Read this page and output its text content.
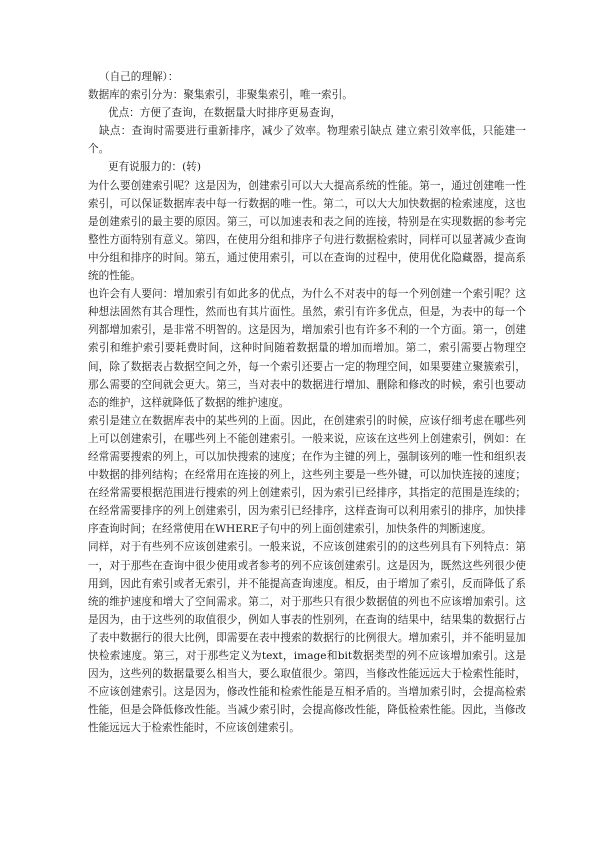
（自己的理解）：

数据库的索引分为：聚集索引，非聚集索引，唯一索引。

优点：方便了查询，在数据量大时排序更易查询，

缺点：查询时需要进行重新排序，减少了效率。物理索引缺点 建立索引效率低，只能建一个。

更有说服力的：(转)

为什么要创建索引呢？这是因为，创建索引可以大大提高系统的性能。第一，通过创建唯一性索引，可以保证数据库表中每一行数据的唯一性。第二，可以大大加快数据的检索速度，这也是创建索引的最主要的原因。第三，可以加速表和表之间的连接，特别是在实现数据的参考完整性方面特别有意义。第四，在使用分组和排序子句进行数据检索时，同样可以显著减少查询中分组和排序的时间。第五，通过使用索引，可以在查询的过程中，使用优化隐藏器，提高系统的性能。

也许会有人要问：增加索引有如此多的优点，为什么不对表中的每一个列创建一个索引呢？这种想法固然有其合理性，然而也有其片面性。虽然，索引有许多优点，但是，为表中的每一个列都增加索引，是非常不明智的。这是因为，增加索引也有许多不利的一个方面。第一，创建索引和维护索引要耗费时间，这种时间随着数据量的增加而增加。第二，索引需要占物理空间，除了数据表占数据空间之外，每一个索引还要占一定的物理空间，如果要建立聚簇索引，那么需要的空间就会更大。第三，当对表中的数据进行增加、删除和修改的时候，索引也要动态的维护，这样就降低了数据的维护速度。

索引是建立在数据库表中的某些列的上面。因此，在创建索引的时候，应该仔细考虑在哪些列上可以创建索引，在哪些列上不能创建索引。一般来说，应该在这些列上创建索引，例如：在经常需要搜索的列上，可以加快搜索的速度；在作为主键的列上，强制该列的唯一性和组织表中数据的排列结构；在经常用在连接的列上，这些列主要是一些外键，可以加快连接的速度；在经常需要根据范围进行搜索的列上创建索引，因为索引已经排序，其指定的范围是连续的；在经常需要排序的列上创建索引，因为索引已经排序，这样查询可以利用索引的排序，加快排序查询时间；在经常使用在WHERE子句中的列上面创建索引，加快条件的判断速度。

同样，对于有些列不应该创建索引。一般来说，不应该创建索引的的这些列具有下列特点：第一，对于那些在查询中很少使用或者参考的列不应该创建索引。这是因为，既然这些列很少使用到，因此有索引或者无索引，并不能提高查询速度。相反，由于增加了索引，反而降低了系统的维护速度和增大了空间需求。第二，对于那些只有很少数据值的列也不应该增加索引。这是因为，由于这些列的取值很少，例如人事表的性别列，在查询的结果中，结果集的数据行占了表中数据行的很大比例，即需要在表中搜索的数据行的比例很大。增加索引，并不能明显加快检索速度。第三，对于那些定义为text，image和bit数据类型的列不应该增加索引。这是因为，这些列的数据量要么相当大，要么取值很少。第四，当修改性能远远大于检索性能时，不应该创建索引。这是因为，修改性能和检索性能是互相矛盾的。当增加索引时，会提高检索性能，但是会降低修改性能。当减少索引时，会提高修改性能，降低检索性能。因此，当修改性能远远大于检索性能时，不应该创建索引。
